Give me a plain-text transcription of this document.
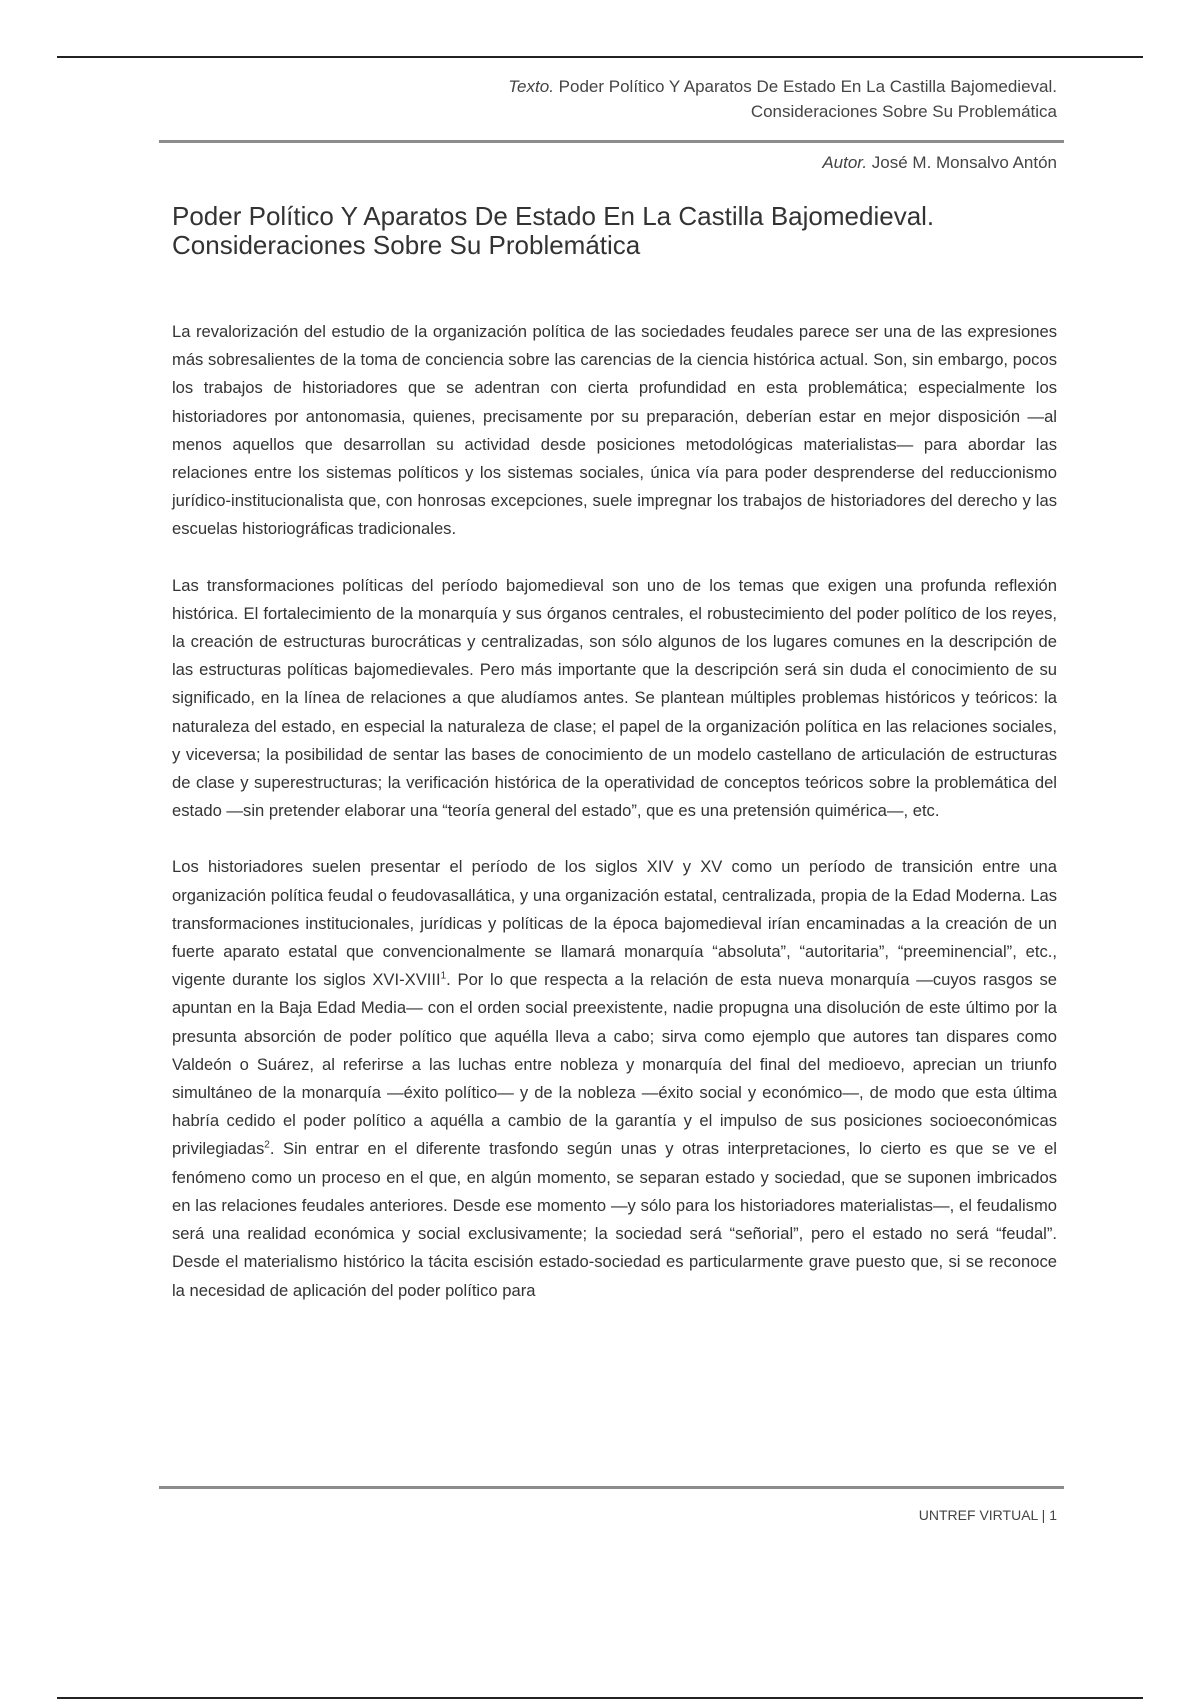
Texto. Poder Político Y Aparatos De Estado En La Castilla Bajomedieval.
Consideraciones Sobre Su Problemática
Autor. José M. Monsalvo Antón
Poder Político Y Aparatos De Estado En La Castilla Bajomedieval.
Consideraciones Sobre Su Problemática

La revalorización del estudio de la organización política de las sociedades feudales parece ser una de las expresiones más sobresalientes de la toma de conciencia sobre las carencias de la ciencia histórica actual. Son, sin embargo, pocos los trabajos de historiadores que se adentran con cierta profundidad en esta problemática; especialmente los historiadores por antonomasia, quienes, precisamente por su preparación, deberían estar en mejor disposición —al menos aquellos que desarrollan su actividad desde posiciones metodológicas materialistas— para abordar las relaciones entre los sistemas políticos y los sistemas sociales, única vía para poder desprenderse del reduccionismo jurídico-institucionalista que, con honrosas excepciones, suele impregnar los trabajos de historiadores del derecho y las escuelas historiográficas tradicionales.

Las transformaciones políticas del período bajomedieval son uno de los temas que exigen una profunda reflexión histórica. El fortalecimiento de la monarquía y sus órganos centrales, el robustecimiento del poder político de los reyes, la creación de estructuras burocráticas y centralizadas, son sólo algunos de los lugares comunes en la descripción de las estructuras políticas bajomedievales. Pero más importante que la descripción será sin duda el conocimiento de su significado, en la línea de relaciones a que aludíamos antes. Se plantean múltiples problemas históricos y teóricos: la naturaleza del estado, en especial la naturaleza de clase; el papel de la organización política en las relaciones sociales, y viceversa; la posibilidad de sentar las bases de conocimiento de un modelo castellano de articulación de estructuras de clase y superestructuras; la verificación histórica de la operatividad de conceptos teóricos sobre la problemática del estado —sin pretender elaborar una “teoría general del estado”, que es una pretensión quimérica—, etc.

Los historiadores suelen presentar el período de los siglos XIV y XV como un período de transición entre una organización política feudal o feudovasallática, y una organización estatal, centralizada, propia de la Edad Moderna. Las transformaciones institucionales, jurídicas y políticas de la época bajomedieval irían encaminadas a la creación de un fuerte aparato estatal que convencionalmente se llamará monarquía “absoluta”, “autoritaria”, “preeminencial”, etc., vigente durante los siglos XVI-XVIII$^1$. Por lo que respecta a la relación de esta nueva monarquía —cuyos rasgos se apuntan en la Baja Edad Media— con el orden social preexistente, nadie propugna una disolución de este último por la presunta absorción de poder político que aquélla lleva a cabo; sirva como ejemplo que autores tan dispares como Valdeón o Suárez, al referirse a las luchas entre nobleza y monarquía del final del medioevo, aprecian un triunfo simultáneo de la monarquía —éxito político— y de la nobleza —éxito social y económico—, de modo que esta última habría cedido el poder político a aquélla a cambio de la garantía y el impulso de sus posiciones socioeconómicas privilegiadas$^2$. Sin entrar en el diferente trasfondo según unas y otras interpretaciones, lo cierto es que se ve el fenómeno como un proceso en el que, en algún momento, se separan estado y sociedad, que se suponen imbricados en las relaciones feudales anteriores. Desde ese momento —y sólo para los historiadores materialistas—, el feudalismo será una realidad económica y social exclusivamente; la sociedad será “señorial”, pero el estado no será “feudal”. Desde el materialismo histórico la tácita escisión estado-sociedad es particularmente grave puesto que, si se reconoce la necesidad de aplicación del poder político para

UNTREF VIRTUAL | 1
